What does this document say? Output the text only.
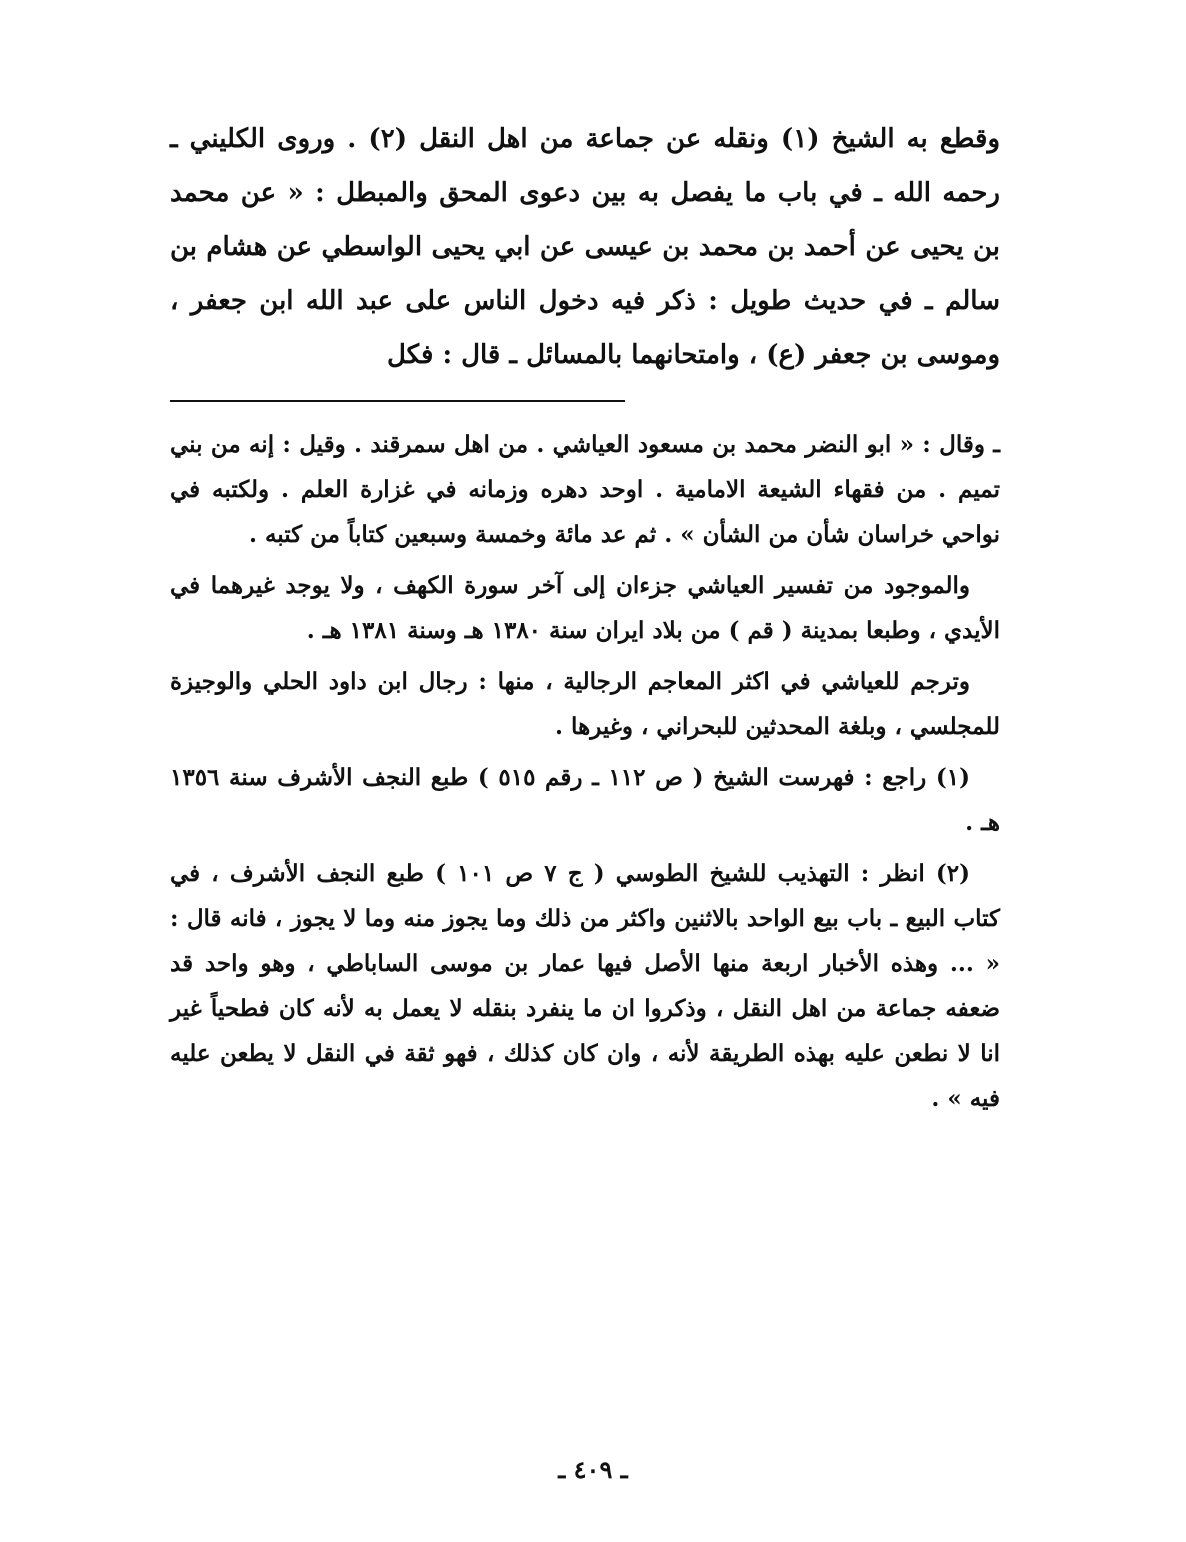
وقطع به الشيخ (١) ونقله عن جماعة من اهل النقل (٢) . وروى الكليني ـ رحمه الله ـ في باب ما يفصل به بين دعوى المحق والمبطل : « عن محمد بن يحيى عن أحمد بن محمد بن عيسى عن ابي يحيى الواسطي عن هشام بن سالم ـ في حديث طويل : ذكر فيه دخول الناس على عبد الله ابن جعفر ، وموسى بن جعفر (ع) ، وامتحانهما بالمسائل ـ قال : فكل

ـ وقال : « ابو النضر محمد بن مسعود العياشي . من اهل سمرقند . وقيل : إنه من بني تميم . من فقهاء الشيعة الامامية . اوحد دهره وزمانه في غزارة العلم . ولكتبه في نواحي خراسان شأن من الشأن » . ثم عد مائة وخمسة وسبعين كتاباً من كتبه .

والموجود من تفسير العياشي جزءان إلى آخر سورة الكهف ، ولا يوجد غيرهما في الأيدي ، وطبعا بمدينة ( قم ) من بلاد ايران سنة ١٣٨٠ هـ وسنة ١٣٨١ هـ .

وترجم للعياشي في اكثر المعاجم الرجالية ، منها : رجال ابن داود الحلي والوجيزة للمجلسي ، وبلغة المحدثين للبحراني ، وغيرها .

(١) راجع : فهرست الشيخ ( ص ١١٢ ـ رقم ٥١٥ ) طبع النجف الأشرف سنة ١٣٥٦ هـ .

(٢) انظر : التهذيب للشيخ الطوسي ( ج ٧ ص ١٠١ ) طبع النجف الأشرف ، في كتاب البيع ـ باب بيع الواحد بالاثنين واكثر من ذلك وما يجوز منه وما لا يجوز ، فانه قال : « ... وهذه الأخبار اربعة منها الأصل فيها عمار بن موسى الساباطي ، وهو واحد قد ضعفه جماعة من اهل النقل ، وذكروا ان ما ينفرد بنقله لا يعمل به لأنه كان فطحياً غير انا لا نطعن عليه بهذه الطريقة لأنه ، وان كان كذلك ، فهو ثقة في النقل لا يطعن عليه فيه » .

ـ ٤٠٩ ـ
